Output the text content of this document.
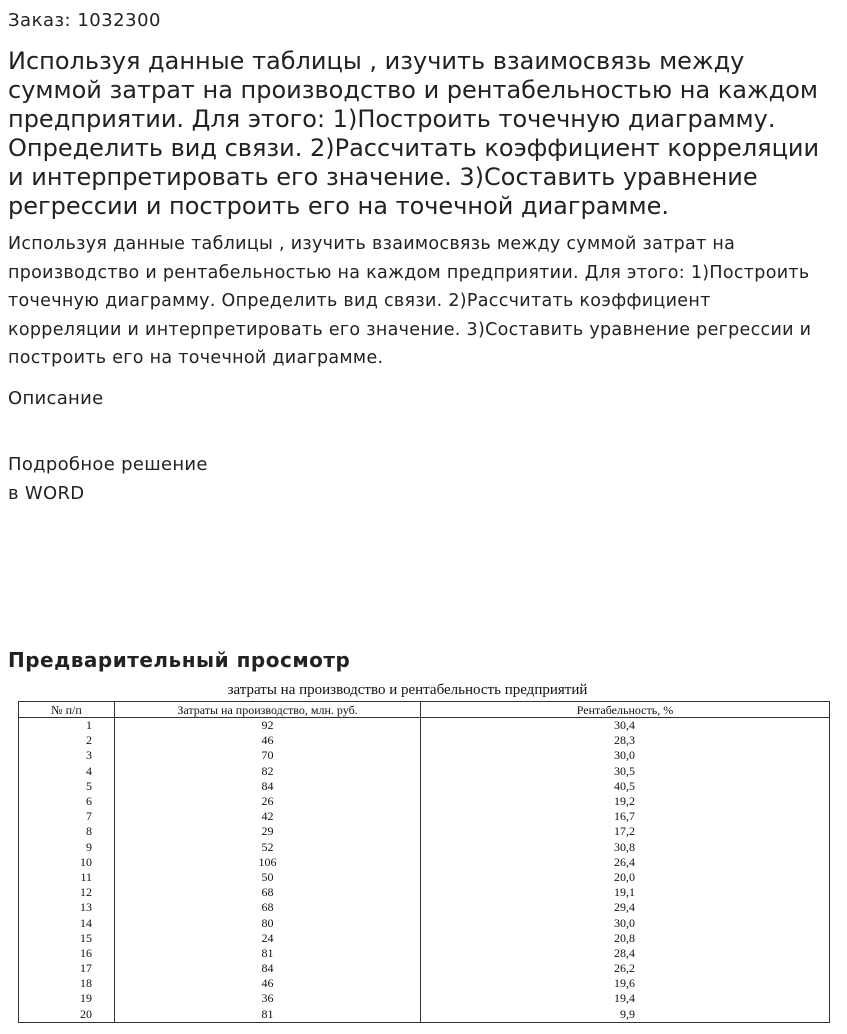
Заказ: 1032300

Используя данные таблицы , изучить взаимосвязь между суммой затрат на производство и рентабельностью на каждом предприятии. Для этого: 1)Построить точечную диаграмму. Определить вид связи. 2)Рассчитать коэффициент корреляции и интерпретировать его значение. 3)Составить уравнение регрессии и построить его на точечной диаграмме.

Используя данные таблицы , изучить взаимосвязь между суммой затрат на производство и рентабельностью на каждом предприятии. Для этого: 1)Построить точечную диаграмму. Определить вид связи. 2)Рассчитать коэффициент корреляции и интерпретировать его значение. 3)Составить уравнение регрессии и построить его на точечной диаграмме.

Описание

Подробное решение
в WORD

Предварительный просмотр
затраты на производство и рентабельность предприятий
№ п/п	Затраты на производство, млн. руб.	Рентабельность, %
1	92	30,4
2	46	28,3
3	70	30,0
4	82	30,5
5	84	40,5
6	26	19,2
7	42	16,7
8	29	17,2
9	52	30,8
10	106	26,4
11	50	20,0
12	68	19,1
13	68	29,4
14	80	30,0
15	24	20,8
16	81	28,4
17	84	26,2
18	46	19,6
19	36	19,4
20	81	9,9
